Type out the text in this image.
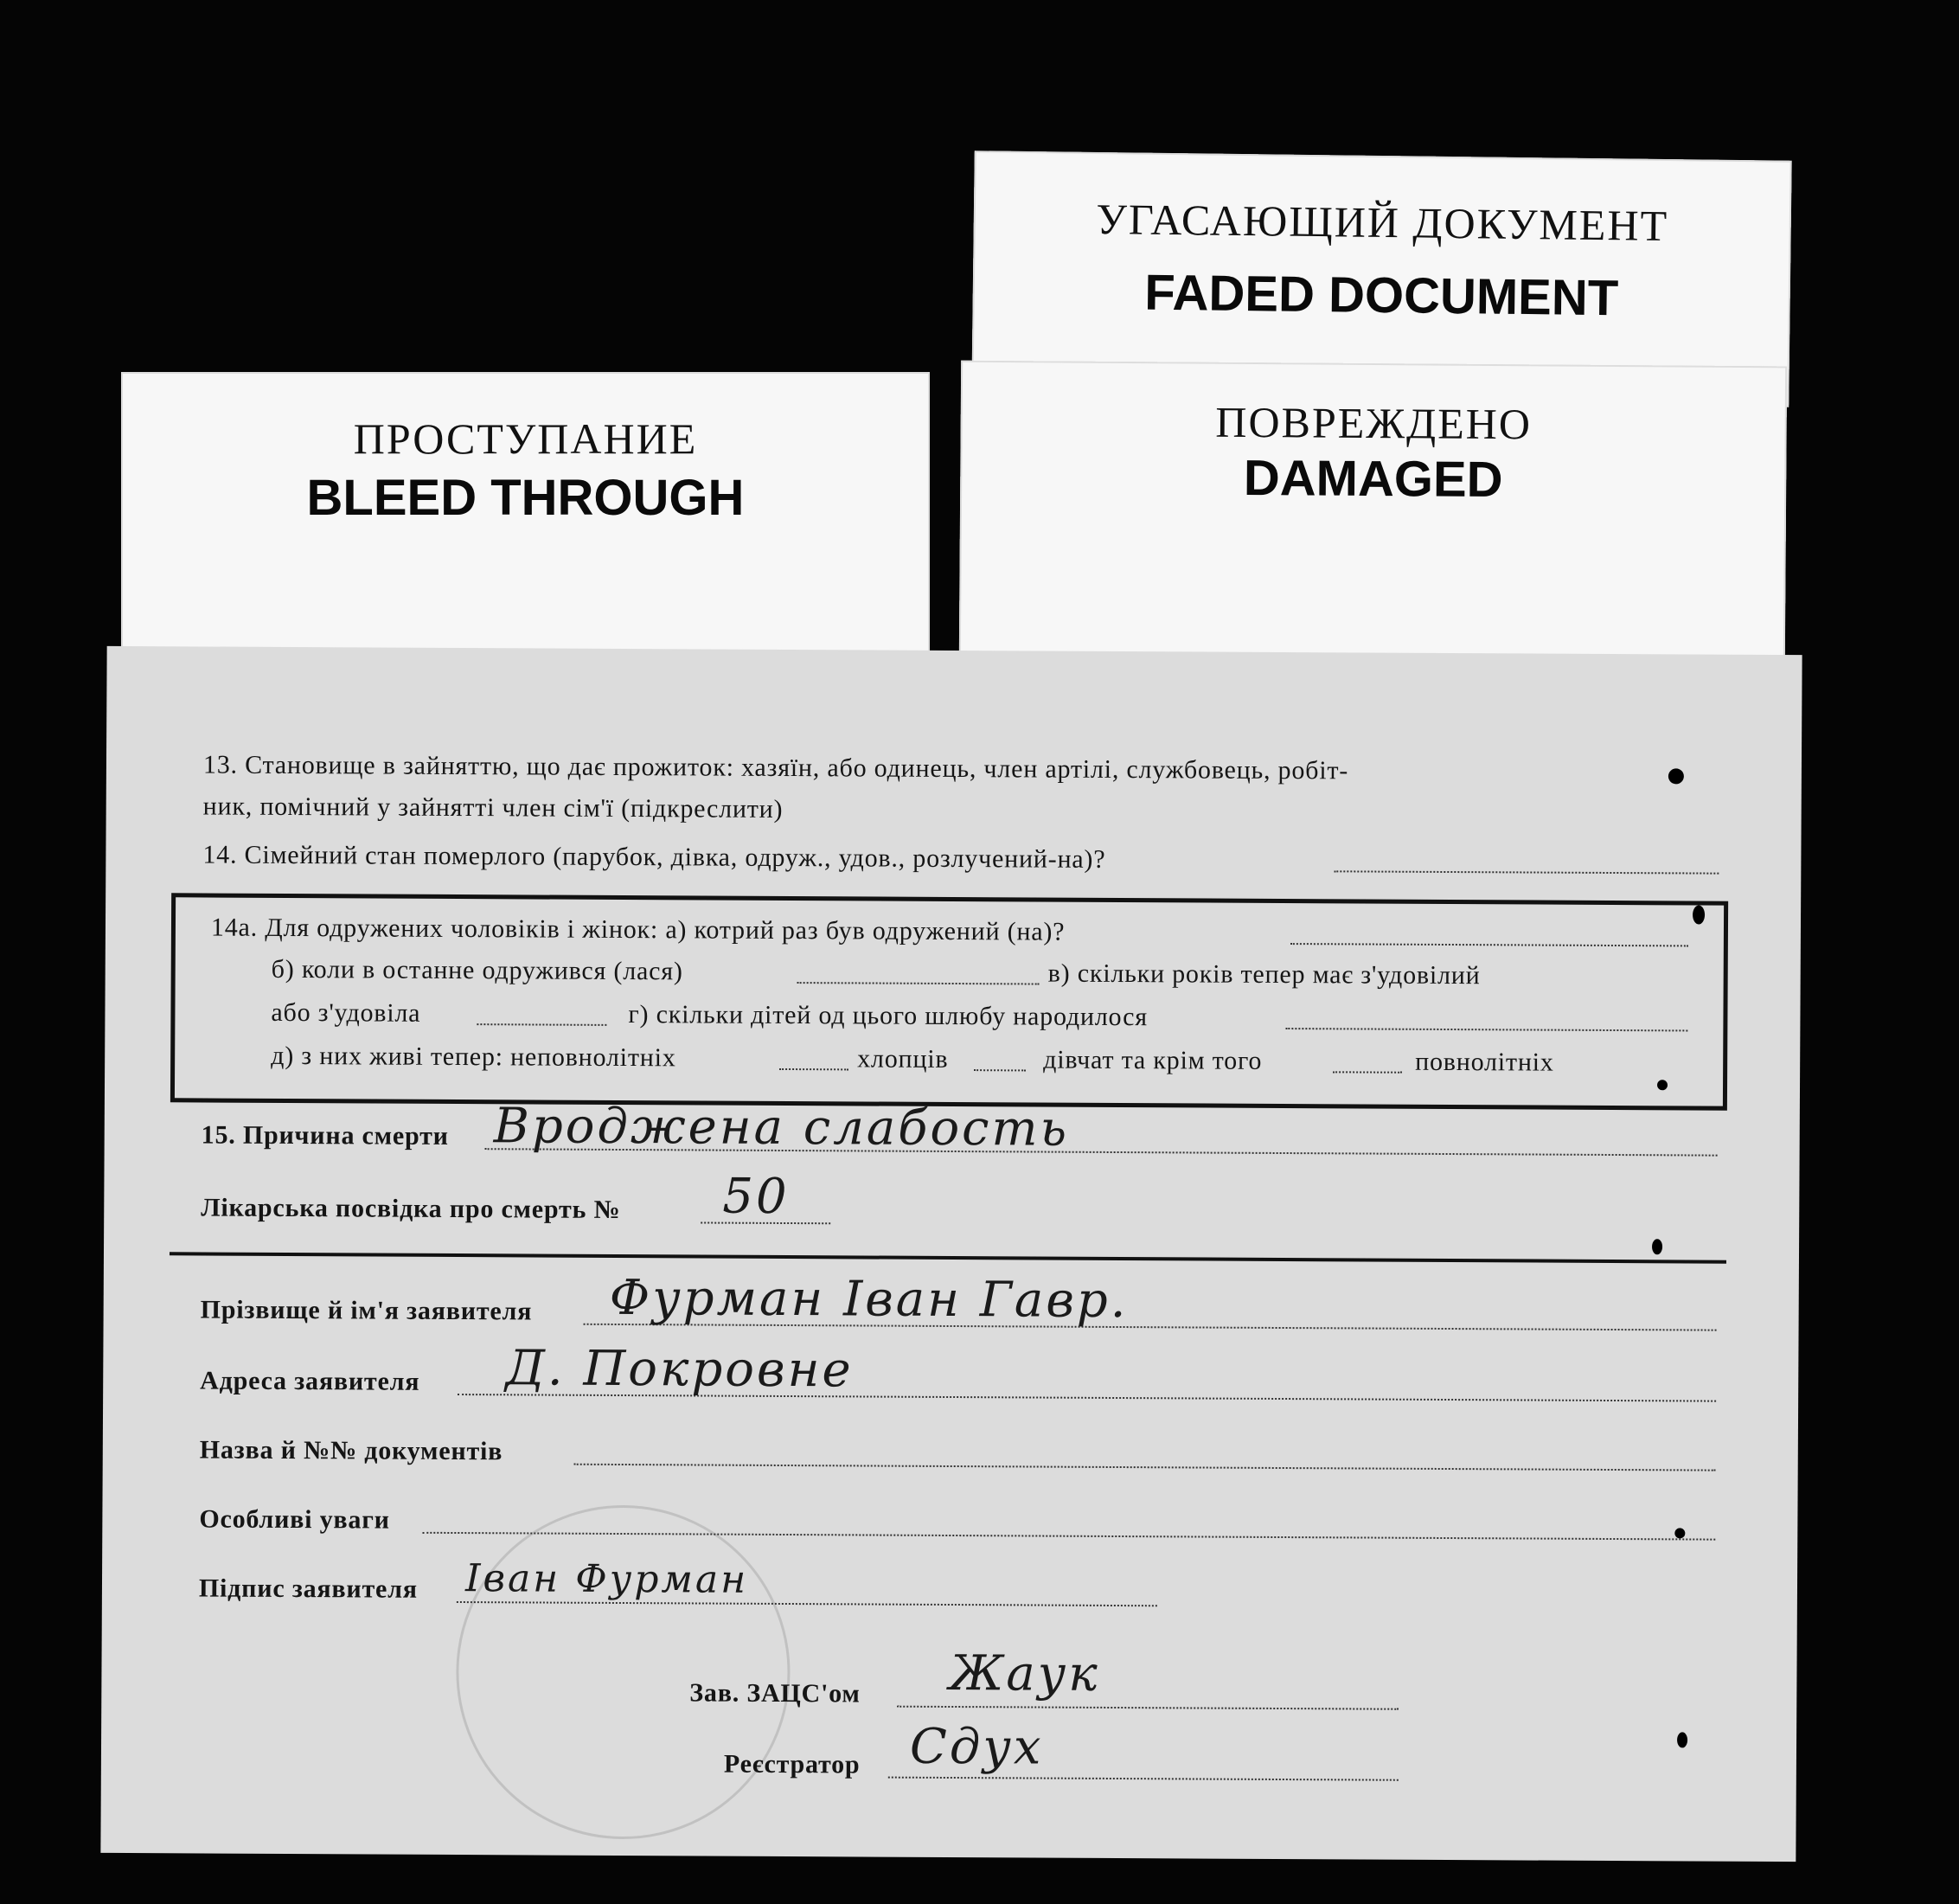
ПРОСТУПАНИЕ
BLEED THROUGH
УГАСАЮЩИЙ ДОКУМЕНТ
FADED DOCUMENT
ПОВРЕЖДЕНО
DAMAGED
13. Становище в зайняттю, що дає прожиток: хазяїн, або одинець, член артілі, службовець, робіт-
ник, помічний у зайнятті член сім'ї (підкреслити)
14. Сімейний стан померлого (парубок, дівка, одруж., удов., розлучений-на)?
14а. Для одружених чоловіків і жінок: а) котрий раз був одружений (на)?
б) коли в останне одружився (лася)	в) скільки років тепер має з'удовілий
або з'удовіла	г) скільки дітей од цього шлюбу народилося
д) з них живі тепер: неповнолітніх	хлопців	дівчат та крім того	повнолітніх
15. Причина смерти Вроджена слабость
Лікарська посвідка про смерть № 50
Прізвище й ім'я заявителя Фурман Іван Гавр.
Адреса заявителя Д. Покровне
Назва й №№ документів
Особливі уваги
Підпис заявителя Іван Фурман
Зав. ЗАЦС'ом Жаук
Реєстратор Сдух
